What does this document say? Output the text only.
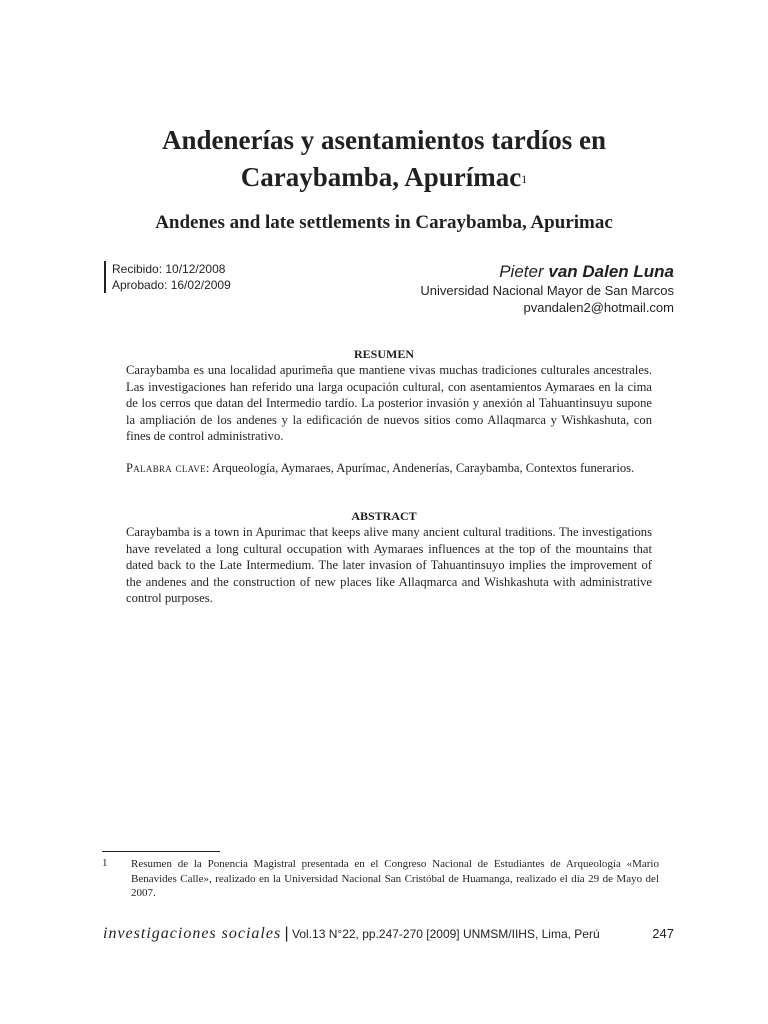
Andenerías y asentamientos tardíos en
Caraybamba, Apurímac$^1$
Andenes and late settlements in Caraybamba, Apurimac
Recibido: 10/12/2008
Aprobado: 16/02/2009
Pieter van Dalen Luna
Universidad Nacional Mayor de San Marcos
pvandalen2@hotmail.com
RESUMEN
Caraybamba es una localidad apurimeña que mantiene vivas muchas tradiciones culturales ancestrales. Las investigaciones han referido una larga ocupación cultural, con asentamientos Aymaraes en la cima de los cerros que datan del Intermedio tardío. La posterior invasión y anexión al Tahuantinsuyu supone la ampliación de los andenes y la edificación de nuevos sitios como Allaqmarca y Wishkashuta, con fines de control administrativo.
Palabra clave: Arqueología, Aymaraes, Apurímac, Andenerías, Caraybamba, Contextos funerarios.
ABSTRACT
Caraybamba is a town in Apurimac that keeps alive many ancient cultural traditions. The investigations have revelated a long cultural occupation with Aymaraes influences at the top of the mountains that dated back to the Late Intermedium. The later invasion of Tahuantinsuyo implies the improvement of the andenes and the construction of new places like Allaqmarca and Wishkashuta with administrative control purposes.
1 Resumen de la Ponencia Magistral presentada en el Congreso Nacional de Estudiantes de Arqueología «Mario Benavides Calle», realizado en la Universidad Nacional San Cristóbal de Huamanga, realizado el día 29 de Mayo del 2007.
investigaciones sociales | Vol.13 N°22, pp.247-270 [2009] UNMSM/IIHS, Lima, Perú	247
